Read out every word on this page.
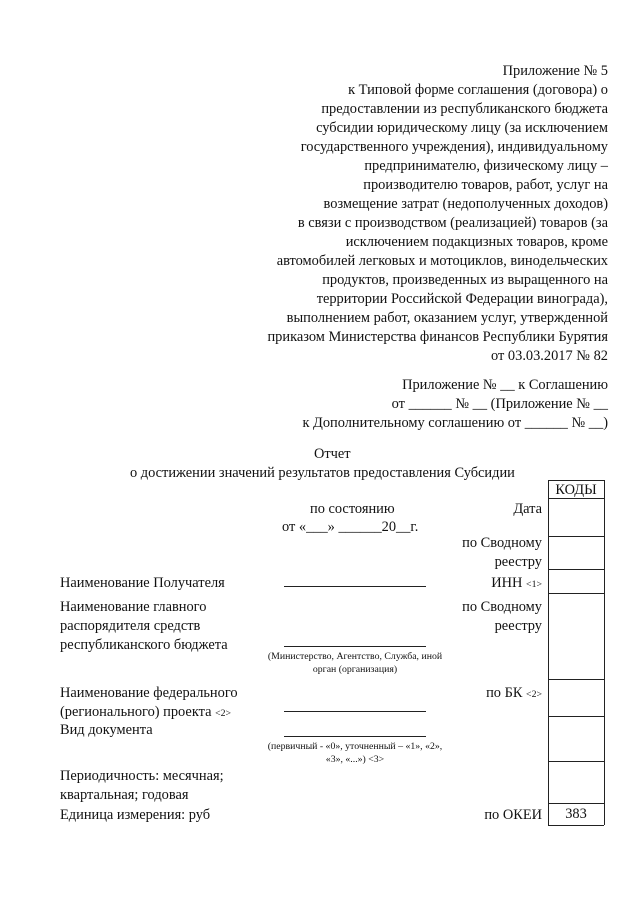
Приложение № 5
к Типовой форме соглашения (договора) о
предоставлении из республиканского бюджета
субсидии юридическому лицу (за исключением
государственного учреждения), индивидуальному
предпринимателю, физическому лицу –
производителю товаров, работ, услуг на
возмещение затрат (недополученных доходов)
в связи с производством (реализацией) товаров (за
исключением подакцизных товаров, кроме
автомобилей легковых и мотоциклов, винодельческих
продуктов, произведенных из выращенного на
территории Российской Федерации винограда),
выполнением работ, оказанием услуг, утвержденной
приказом Министерства финансов Республики Бурятия
от 03.03.2017 № 82
Приложение № __ к Соглашению
от ______ № __ (Приложение № __
к Дополнительному соглашению от ______ № __)
Отчет
о достижении значений результатов предоставления Субсидии
КОДЫ
383
по состоянию
от «___» ______20__г.
Дата
по Сводному реестру
ИНН <1>
по Сводному реестру
по БК <2>
по ОКЕИ
Наименование Получателя
Наименование главного распорядителя средств республиканского бюджета
Наименование федерального (регионального) проекта <2>
Вид документа
Периодичность: месячная; квартальная; годовая
Единица измерения: руб
(Министерство, Агентство, Служба, иной орган (организация)
(первичный - «0», уточненный – «1», «2», «3», «...») <3>
